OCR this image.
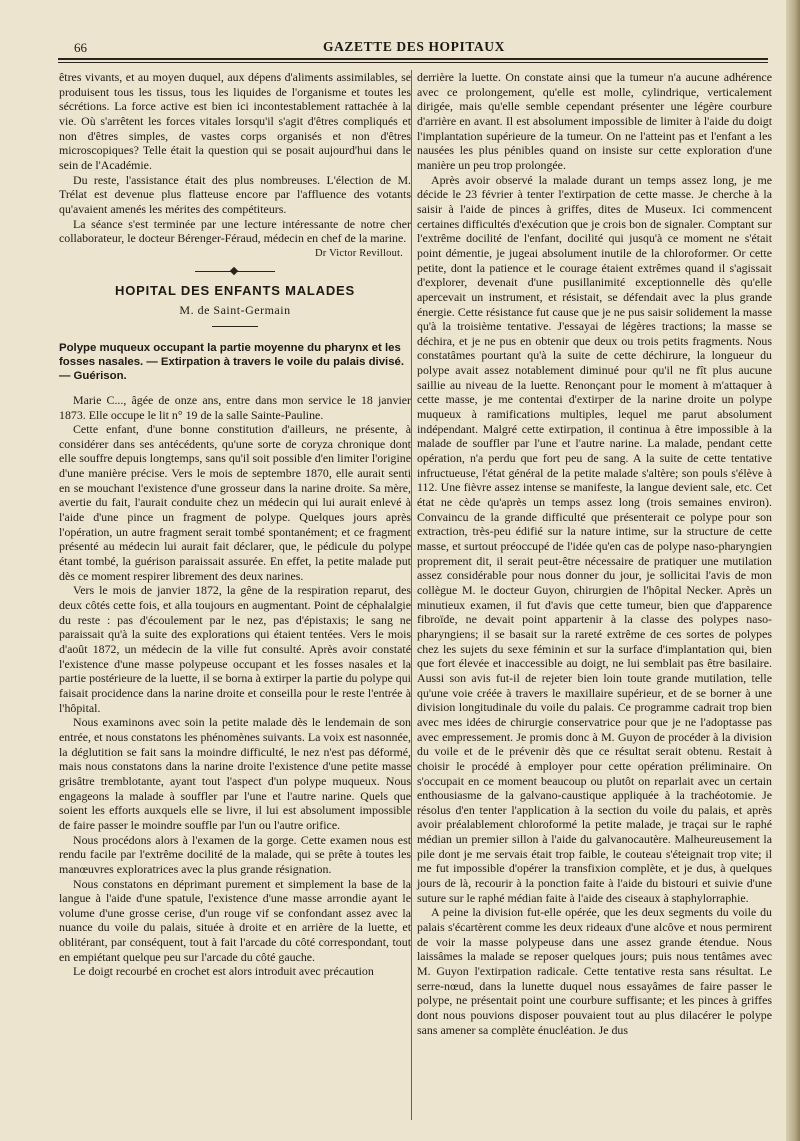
66	GAZETTE DES HOPITAUX

êtres vivants, et au moyen duquel, aux dépens d'aliments assimilables, se produisent tous les tissus, tous les liquides de l'organisme et toutes les sécrétions. La force active est bien ici incontestablement rattachée à la vie. Où s'arrêtent les forces vitales lorsqu'il s'agit d'êtres compliqués et non d'êtres simples, de vastes corps organisés et non d'êtres microscopiques? Telle était la question qui se posait aujourd'hui dans le sein de l'Académie.

Du reste, l'assistance était des plus nombreuses. L'élection de M. Trélat est devenue plus flatteuse encore par l'affluence des votants qu'avaient amenés les mérites des compétiteurs.

La séance s'est terminée par une lecture intéressante de notre cher collaborateur, le docteur Bérenger-Féraud, médecin en chef de la marine.

Dr Victor Revillout.
HOPITAL DES ENFANTS MALADES
M. de Saint-Germain
Polype muqueux occupant la partie moyenne du pharynx et les fosses nasales. — Extirpation à travers le voile du palais divisé. — Guérison.

Marie C..., âgée de onze ans, entre dans mon service le 18 janvier 1873. Elle occupe le lit n° 19 de la salle Sainte-Pauline.

Cette enfant, d'une bonne constitution d'ailleurs, ne présente, à considérer dans ses antécédents, qu'une sorte de coryza chronique dont elle souffre depuis longtemps, sans qu'il soit possible d'en limiter l'origine d'une manière précise. Vers le mois de septembre 1870, elle aurait senti en se mouchant l'existence d'une grosseur dans la narine droite. Sa mère, avertie du fait, l'aurait conduite chez un médecin qui lui aurait enlevé à l'aide d'une pince un fragment de polype. Quelques jours après l'opération, un autre fragment serait tombé spontanément; et ce fragment présenté au médecin lui aurait fait déclarer, que, le pédicule du polype étant tombé, la guérison paraissait assurée. En effet, la petite malade put dès ce moment respirer librement des deux narines.

Vers le mois de janvier 1872, la gêne de la respiration reparut, des deux côtés cette fois, et alla toujours en augmentant. Point de céphalalgie du reste : pas d'écoulement par le nez, pas d'épistaxis; le sang ne paraissait qu'à la suite des explorations qui étaient tentées. Vers le mois d'août 1872, un médecin de la ville fut consulté. Après avoir constaté l'existence d'une masse polypeuse occupant et les fosses nasales et la partie postérieure de la luette, il se borna à extirper la partie du polype qui faisait procidence dans la narine droite et conseilla pour le reste l'entrée à l'hôpital.

Nous examinons avec soin la petite malade dès le lendemain de son entrée, et nous constatons les phénomènes suivants. La voix est nasonnée, la déglutition se fait sans la moindre difficulté, le nez n'est pas déformé, mais nous constatons dans la narine droite l'existence d'une petite masse grisâtre tremblotante, ayant tout l'aspect d'un polype muqueux. Nous engageons la malade à souffler par l'une et l'autre narine. Quels que soient les efforts auxquels elle se livre, il lui est absolument impossible de faire passer le moindre souffle par l'un ou l'autre orifice.

Nous procédons alors à l'examen de la gorge. Cette examen nous est rendu facile par l'extrême docilité de la malade, qui se prête à toutes les manœuvres exploratrices avec la plus grande résignation.

Nous constatons en déprimant purement et simplement la base de la langue à l'aide d'une spatule, l'existence d'une masse arrondie ayant le volume d'une grosse cerise, d'un rouge vif se confondant assez avec la nuance du voile du palais, située à droite et en arrière de la luette, et oblitérant, par conséquent, tout à fait l'arcade du côté correspondant, tout en empiétant quelque peu sur l'arcade du côté gauche.

Le doigt recourbé en crochet est alors introduit avec précaution

derrière la luette. On constate ainsi que la tumeur n'a aucune adhérence avec ce prolongement, qu'elle est molle, cylindrique, verticalement dirigée, mais qu'elle semble cependant présenter une légère courbure d'arrière en avant. Il est absolument impossible de limiter à l'aide du doigt l'implantation supérieure de la tumeur. On ne l'atteint pas et l'enfant a les nausées les plus pénibles quand on insiste sur cette exploration d'une manière un peu trop prolongée.

Après avoir observé la malade durant un temps assez long, je me décide le 23 février à tenter l'extirpation de cette masse. Je cherche à la saisir à l'aide de pinces à griffes, dites de Museux. Ici commencent certaines difficultés d'exécution que je crois bon de signaler. Comptant sur l'extrême docilité de l'enfant, docilité qui jusqu'à ce moment ne s'était point démentie, je jugeai absolument inutile de la chloroformer. Or cette petite, dont la patience et le courage étaient extrêmes quand il s'agissait d'explorer, devenait d'une pusillanimité exceptionnelle dès qu'elle apercevait un instrument, et résistait, se défendait avec la plus grande énergie. Cette résistance fut cause que je ne pus saisir solidement la masse qu'à la troisième tentative. J'essayai de légères tractions; la masse se déchira, et je ne pus en obtenir que deux ou trois petits fragments. Nous constatâmes pourtant qu'à la suite de cette déchirure, la longueur du polype avait assez notablement diminué pour qu'il ne fît plus aucune saillie au niveau de la luette. Renonçant pour le moment à m'attaquer à cette masse, je me contentai d'extirper de la narine droite un polype muqueux à ramifications multiples, lequel me parut absolument indépendant. Malgré cette extirpation, il continua à être impossible à la malade de souffler par l'une et l'autre narine. La malade, pendant cette opération, n'a perdu que fort peu de sang. A la suite de cette tentative infructueuse, l'état général de la petite malade s'altère; son pouls s'élève à 112. Une fièvre assez intense se manifeste, la langue devient sale, etc. Cet état ne cède qu'après un temps assez long (trois semaines environ). Convaincu de la grande difficulté que présenterait ce polype pour son extraction, très-peu édifié sur la nature intime, sur la structure de cette masse, et surtout préoccupé de l'idée qu'en cas de polype naso-pharyngien proprement dit, il serait peut-être nécessaire de pratiquer une mutilation assez considérable pour nous donner du jour, je sollicitai l'avis de mon collègue M. le docteur Guyon, chirurgien de l'hôpital Necker. Après un minutieux examen, il fut d'avis que cette tumeur, bien que d'apparence fibroïde, ne devait point appartenir à la classe des polypes naso-pharyngiens; il se basait sur la rareté extrême de ces sortes de polypes chez les sujets du sexe féminin et sur la surface d'implantation qui, bien que fort élevée et inaccessible au doigt, ne lui semblait pas être basilaire. Aussi son avis fut-il de rejeter bien loin toute grande mutilation, telle qu'une voie créée à travers le maxillaire supérieur, et de se borner à une division longitudinale du voile du palais. Ce programme cadrait trop bien avec mes idées de chirurgie conservatrice pour que je ne l'adoptasse pas avec empressement. Je promis donc à M. Guyon de procéder à la division du voile et de le prévenir dès que ce résultat serait obtenu. Restait à choisir le procédé à employer pour cette opération préliminaire. On s'occupait en ce moment beaucoup ou plutôt on reparlait avec un certain enthousiasme de la galvano-caustique appliquée à la trachéotomie. Je résolus d'en tenter l'application à la section du voile du palais, et après avoir préalablement chloroformé la petite malade, je traçai sur le raphé médian un premier sillon à l'aide du galvanocautère. Malheureusement la pile dont je me servais était trop faible, le couteau s'éteignait trop vite; il me fut impossible d'opérer la transfixion complète, et je dus, à quelques jours de là, recourir à la ponction faite à l'aide du bistouri et suivie d'une suture sur le raphé médian faite à l'aide des ciseaux à staphylorraphie.

A peine la division fut-elle opérée, que les deux segments du voile du palais s'écartèrent comme les deux rideaux d'une alcôve et nous permirent de voir la masse polypeuse dans une assez grande étendue. Nous laissâmes la malade se reposer quelques jours; puis nous tentâmes avec M. Guyon l'extirpation radicale. Cette tentative resta sans résultat. Le serre-nœud, dans la lunette duquel nous essayâmes de faire passer le polype, ne présentait point une courbure suffisante; et les pinces à griffes dont nous pouvions disposer pouvaient tout au plus dilacérer le polype sans amener sa complète énucléation. Je dus
